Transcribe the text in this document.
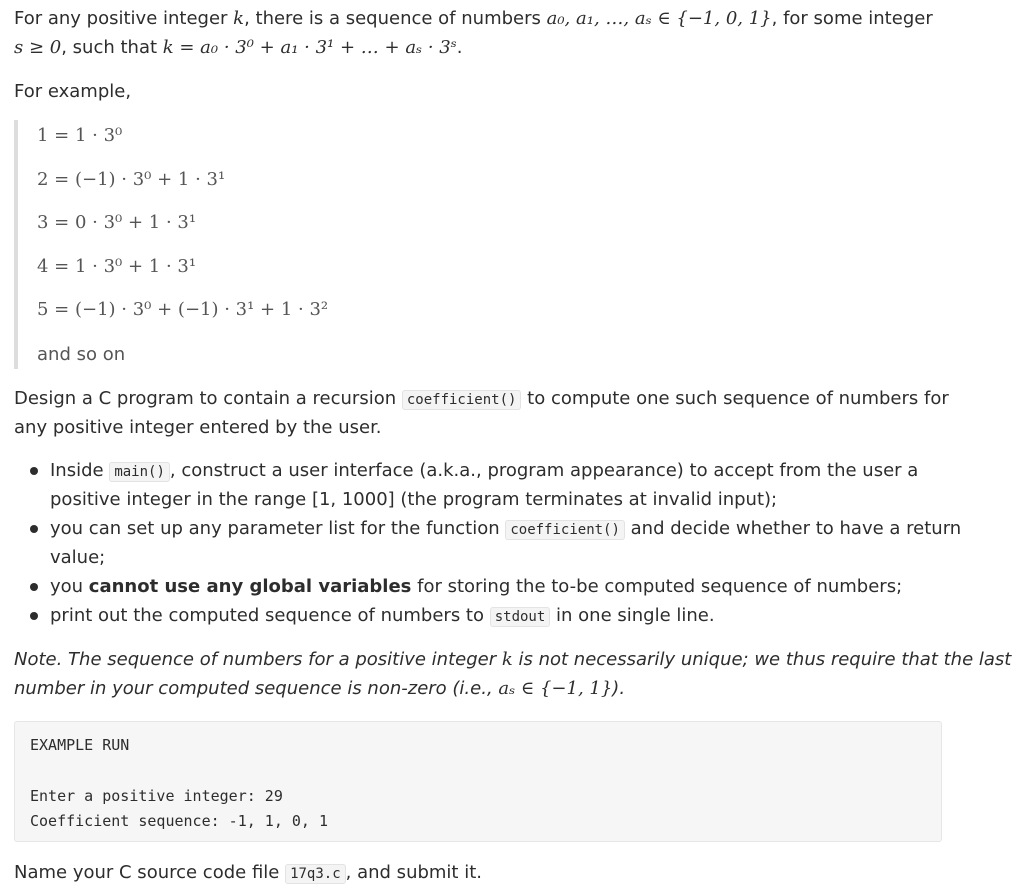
For any positive integer k, there is a sequence of numbers a₀, a₁, …, aₛ ∈ {−1, 0, 1}, for some integer
s ≥ 0, such that k = a₀ · 3⁰ + a₁ · 3¹ + … + aₛ · 3ˢ.
For example,
1 = 1 · 3⁰
2 = (−1) · 3⁰ + 1 · 3¹
3 = 0 · 3⁰ + 1 · 3¹
4 = 1 · 3⁰ + 1 · 3¹
5 = (−1) · 3⁰ + (−1) · 3¹ + 1 · 3²
and so on
Design a C program to contain a recursion coefficient() to compute one such sequence of numbers for
any positive integer entered by the user.
Inside main() , construct a user interface (a.k.a., program appearance) to accept from the user a
positive integer in the range [1, 1000] (the program terminates at invalid input);
you can set up any parameter list for the function coefficient() and decide whether to have a return
value;
you cannot use any global variables for storing the to-be computed sequence of numbers;
print out the computed sequence of numbers to stdout in one single line.
Note. The sequence of numbers for a positive integer k is not necessarily unique; we thus require that the last
number in your computed sequence is non-zero (i.e., aₛ ∈ {−1, 1}).
EXAMPLE RUN
Enter a positive integer: 29
Coefficient sequence: -1, 1, 0, 1
Name your C source code file 17q3.c , and submit it.
